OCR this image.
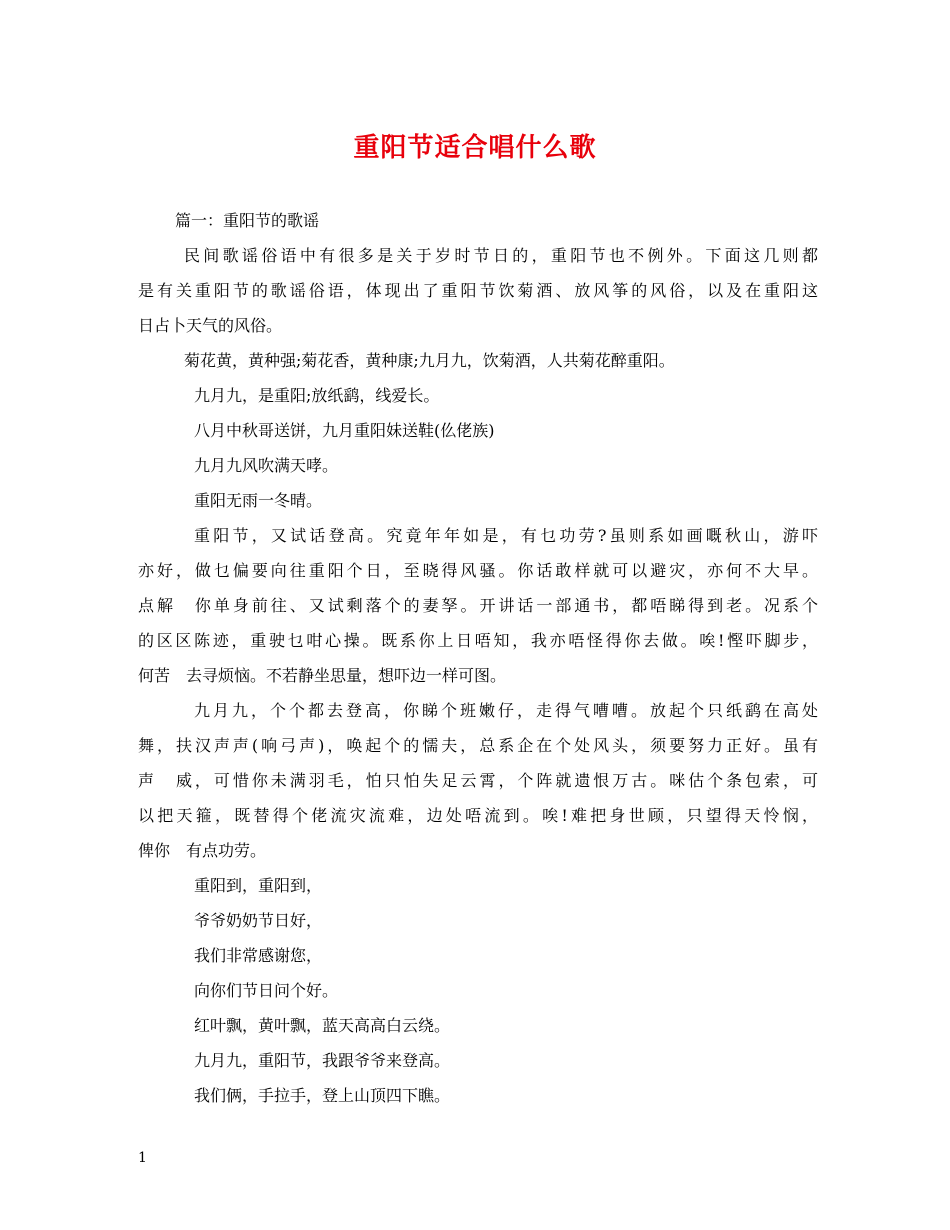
重阳节适合唱什么歌
篇一：重阳节的歌谣
民间歌谣俗语中有很多是关于岁时节日的，重阳节也不例外。下面这几则都
是有关重阳节的歌谣俗语，体现出了重阳节饮菊酒、放风筝的风俗，以及在重阳这
日占卜天气的风俗。
菊花黄，黄种强;菊花香，黄种康;九月九，饮菊酒，人共菊花醉重阳。
九月九，是重阳;放纸鹞，线爱长。
八月中秋哥送饼，九月重阳妹送鞋(仫佬族)
九月九风吹满天哮。
重阳无雨一冬晴。
重阳节，又试话登高。究竟年年如是，有乜功劳?虽则系如画嘅秋山，游吓
亦好，做乜偏要向往重阳个日，至晓得风骚。你话敢样就可以避灾，亦何不大早。
点解　你单身前往、又试剩落个的妻孥。开讲话一部通书，都唔睇得到老。况系个
的区区陈迹，重驶乜咁心操。既系你上日唔知，我亦唔怪得你去做。唉!慳吓脚步，
何苦　去寻烦恼。不若静坐思量，想吓边一样可图。
九月九，个个都去登高，你睇个班嫩仔，走得气嘈嘈。放起个只纸鹞在高处
舞，扶汉声声(响弓声)，唤起个的懦夫，总系企在个处风头，须要努力正好。虽有
声　威，可惜你未满羽毛，怕只怕失足云霄，个阵就遗恨万古。咪估个条包索，可
以把天箍，既替得个佬流灾流难，边处唔流到。唉!难把身世顾，只望得天怜悯，
俾你　有点功劳。
重阳到，重阳到，
爷爷奶奶节日好，
我们非常感谢您，
向你们节日问个好。
红叶飘，黄叶飘，蓝天高高白云绕。
九月九，重阳节，我跟爷爷来登高。
我们俩，手拉手，登上山顶四下瞧。
1
